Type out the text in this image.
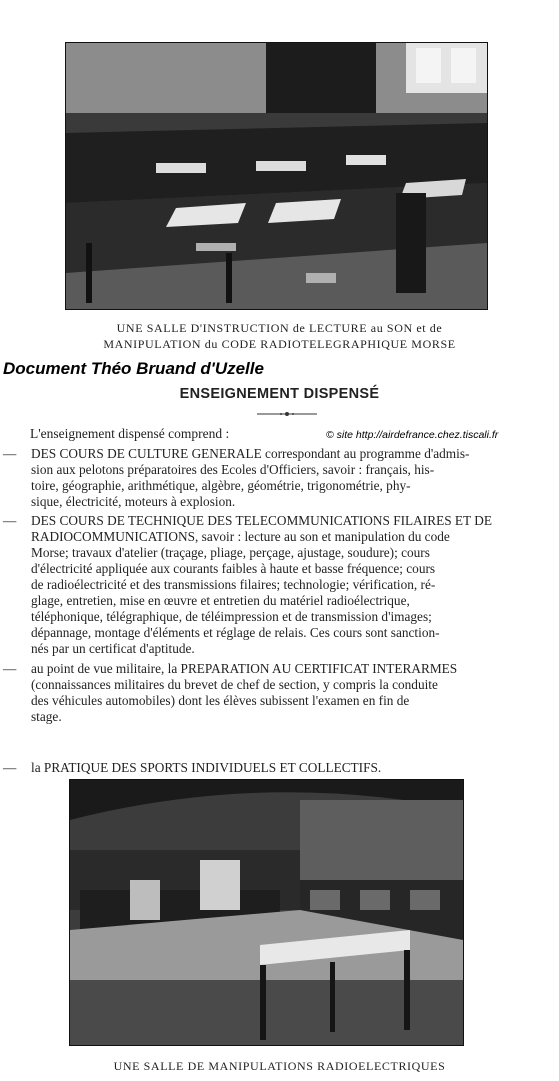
UNE SALLE D'INSTRUCTION de LECTURE au SON et de
MANIPULATION du CODE RADIOTELEGRAPHIQUE MORSE
Document Théo Bruand d'Uzelle
ENSEIGNEMENT DISPENSÉ
L'enseignement dispensé comprend :	© site http://airdefrance.chez.tiscali.fr
— DES COURS DE CULTURE GENERALE correspondant au programme d'admis-
sion aux pelotons préparatoires des Ecoles d'Officiers, savoir : français, his-
toire, géographie, arithmétique, algèbre, géométrie, trigonométrie, phy-
sique, électricité, moteurs à explosion.
— DES COURS DE TECHNIQUE DES TELECOMMUNICATIONS FILAIRES ET DE
RADIOCOMMUNICATIONS, savoir : lecture au son et manipulation du code
Morse; travaux d'atelier (traçage, pliage, perçage, ajustage, soudure); cours
d'électricité appliquée aux courants faibles à haute et basse fréquence; cours
de radioélectricité et des transmissions filaires; technologie; vérification, ré-
glage, entretien, mise en œuvre et entretien du matériel radioélectrique,
téléphonique, télégraphique, de téléimpression et de transmission d'images;
dépannage, montage d'éléments et réglage de relais. Ces cours sont sanction-
nés par un certificat d'aptitude.
— au point de vue militaire, la PREPARATION AU CERTIFICAT INTERARMES
(connaissances militaires du brevet de chef de section, y compris la conduite
des véhicules automobiles) dont les élèves subissent l'examen en fin de
stage.
— la PRATIQUE DES SPORTS INDIVIDUELS ET COLLECTIFS.
UNE SALLE DE MANIPULATIONS RADIOELECTRIQUES
